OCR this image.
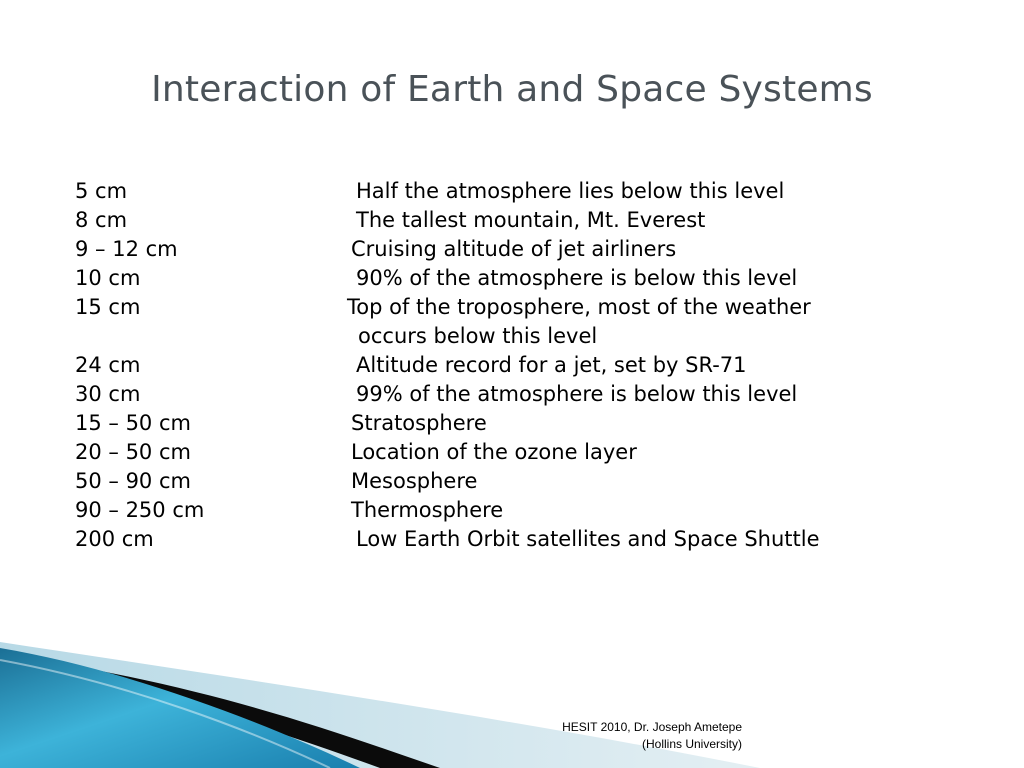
Interaction of Earth and Space Systems
5 cm	Half the atmosphere lies below this level
8 cm	The tallest mountain, Mt. Everest
9 – 12 cm	Cruising altitude of jet airliners
10 cm	90% of the atmosphere is below this level
15 cm	Top of the troposphere, most of the weather
occurs below this level
24 cm	Altitude record for a jet, set by SR-71
30 cm	99% of the atmosphere is below this level
15 – 50 cm	Stratosphere
20 – 50 cm	Location of the ozone layer
50 – 90 cm	Mesosphere
90 – 250 cm	Thermosphere
200 cm	Low Earth Orbit satellites and Space Shuttle
HESIT 2010, Dr. Joseph Ametepe
(Hollins University)
